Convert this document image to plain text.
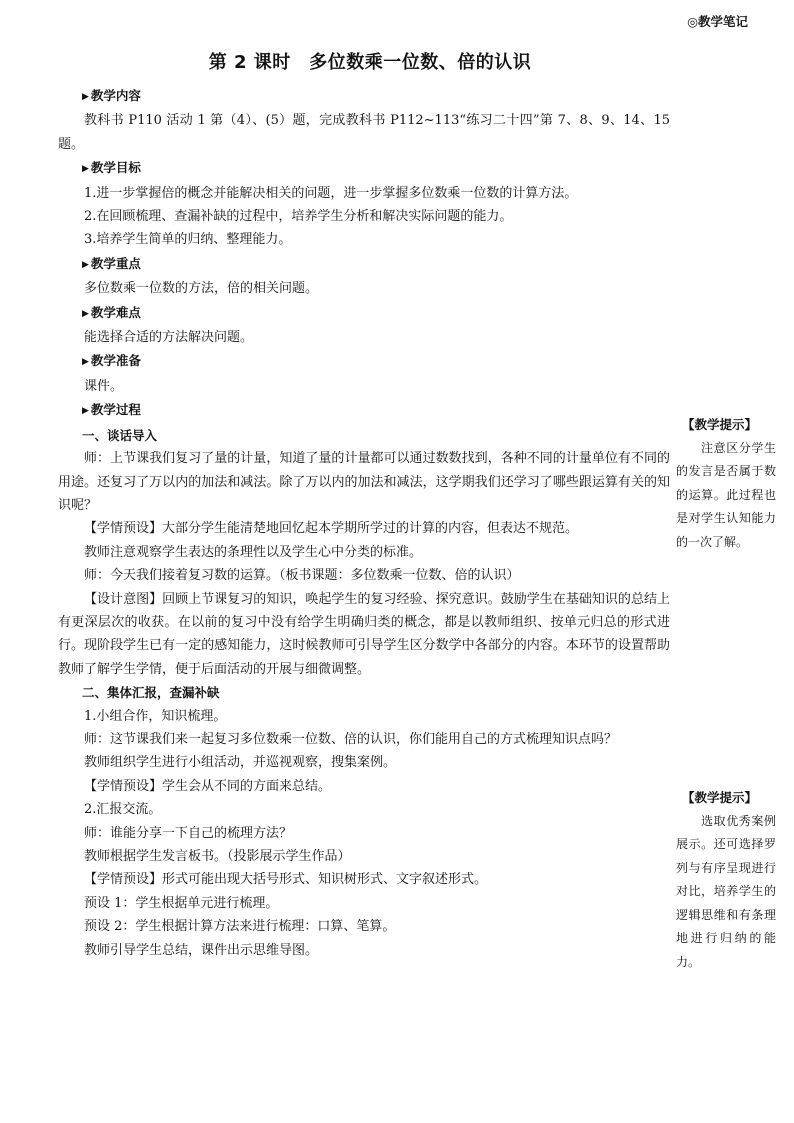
◎教学笔记
第 2 课时　多位数乘一位数、倍的认识

▶ 教学内容

教科书 P110 活动 1 第（4）、(5）题，完成教科书 P112~113“练习二十四”第 7、8、9、14、15 题。

▶ 教学目标

1.进一步掌握倍的概念并能解决相关的问题，进一步掌握多位数乘一位数的计算方法。

2.在回顾梳理、查漏补缺的过程中，培养学生分析和解决实际问题的能力。

3.培养学生简单的归纳、整理能力。

▶ 教学重点

多位数乘一位数的方法，倍的相关问题。

▶ 教学难点

能选择合适的方法解决问题。

▶ 教学准备

课件。

▶ 教学过程

一、谈话导入

师：上节课我们复习了量的计量，知道了量的计量都可以通过数数找到，各种不同的计量单位有不同的用途。还复习了万以内的加法和减法。除了万以内的加法和减法，这学期我们还学习了哪些跟运算有关的知识呢？

【学情预设】大部分学生能清楚地回忆起本学期所学过的计算的内容，但表达不规范。

教师注意观察学生表达的条理性以及学生心中分类的标准。

师：今天我们接着复习数的运算。（板书课题：多位数乘一位数、倍的认识）

【设计意图】回顾上节课复习的知识，唤起学生的复习经验、探究意识。鼓励学生在基础知识的总结上有更深层次的收获。在以前的复习中没有给学生明确归类的概念，都是以教师组织、按单元归总的形式进行。现阶段学生已有一定的感知能力，这时候教师可引导学生区分数学中各部分的内容。本环节的设置帮助教师了解学生学情，便于后面活动的开展与细微调整。

二、集体汇报，查漏补缺

1.小组合作，知识梳理。

师：这节课我们来一起复习多位数乘一位数、倍的认识，你们能用自己的方式梳理知识点吗？

教师组织学生进行小组活动，并巡视观察，搜集案例。

【学情预设】学生会从不同的方面来总结。

2.汇报交流。

师：谁能分享一下自己的梳理方法？

教师根据学生发言板书。（投影展示学生作品）

【学情预设】形式可能出现大括号形式、知识树形式、文字叙述形式。

预设 1：学生根据单元进行梳理。

预设 2：学生根据计算方法来进行梳理：口算、笔算。

教师引导学生总结，课件出示思维导图。

【教学提示】

注意区分学生的发言是否属于数的运算。此过程也是对学生认知能力的一次了解。

【教学提示】

选取优秀案例展示。还可选择罗列与有序呈现进行对比，培养学生的逻辑思维和有条理地进行归纳的能力。
